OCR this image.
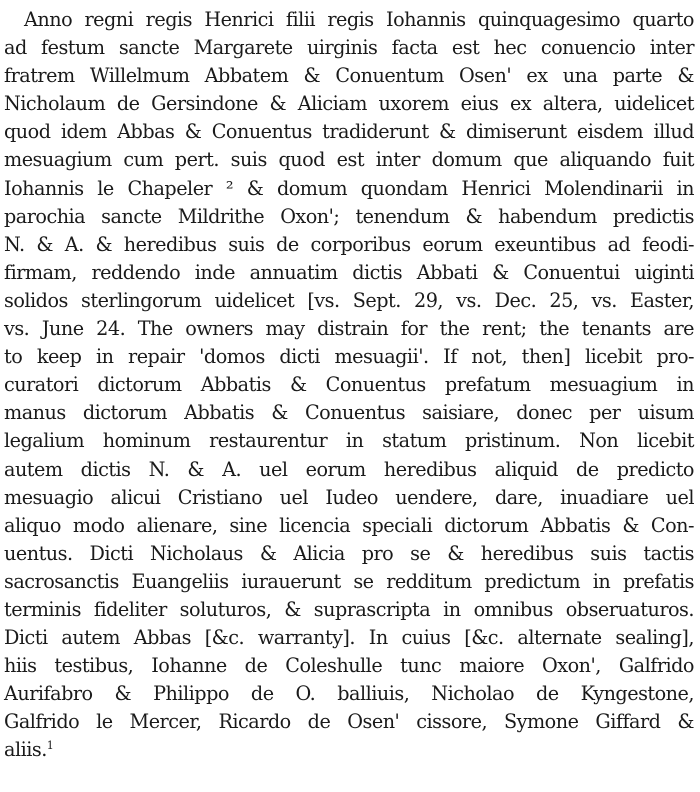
Anno regni regis Henrici filii regis Iohannis quinquagesimo quarto
ad festum sancte Margarete uirginis facta est hec conuencio inter
fratrem Willelmum Abbatem & Conuentum Osen' ex una parte &
Nicholaum de Gersindone & Aliciam uxorem eius ex altera, uidelicet
quod idem Abbas & Conuentus tradiderunt & dimiserunt eisdem illud
mesuagium cum pert. suis quod est inter domum que aliquando fuit
Iohannis le Chapeler ² & domum quondam Henrici Molendinarii in
parochia sancte Mildrithe Oxon'; tenendum & habendum predictis
N. & A. & heredibus suis de corporibus eorum exeuntibus ad feodi-
firmam, reddendo inde annuatim dictis Abbati & Conuentui uiginti
solidos sterlingorum uidelicet [vs. Sept. 29, vs. Dec. 25, vs. Easter,
vs. June 24. The owners may distrain for the rent; the tenants are
to keep in repair 'domos dicti mesuagii'. If not, then] licebit pro-
curatori dictorum Abbatis & Conuentus prefatum mesuagium in
manus dictorum Abbatis & Conuentus saisiare, donec per uisum
legalium hominum restaurentur in statum pristinum. Non licebit
autem dictis N. & A. uel eorum heredibus aliquid de predicto
mesuagio alicui Cristiano uel Iudeo uendere, dare, inuadiare uel
aliquo modo alienare, sine licencia speciali dictorum Abbatis & Con-
uentus. Dicti Nicholaus & Alicia pro se & heredibus suis tactis
sacrosanctis Euangeliis iurauerunt se redditum predictum in prefatis
terminis fideliter soluturos, & suprascripta in omnibus obseruaturos.
Dicti autem Abbas [&c. warranty]. In cuius [&c. alternate sealing],
hiis testibus, Iohanne de Coleshulle tunc maiore Oxon', Galfrido
Aurifabro & Philippo de O. balliuis, Nicholao de Kyngestone,
Galfrido le Mercer, Ricardo de Osen' cissore, Symone Giffard &
aliis.$^1$
